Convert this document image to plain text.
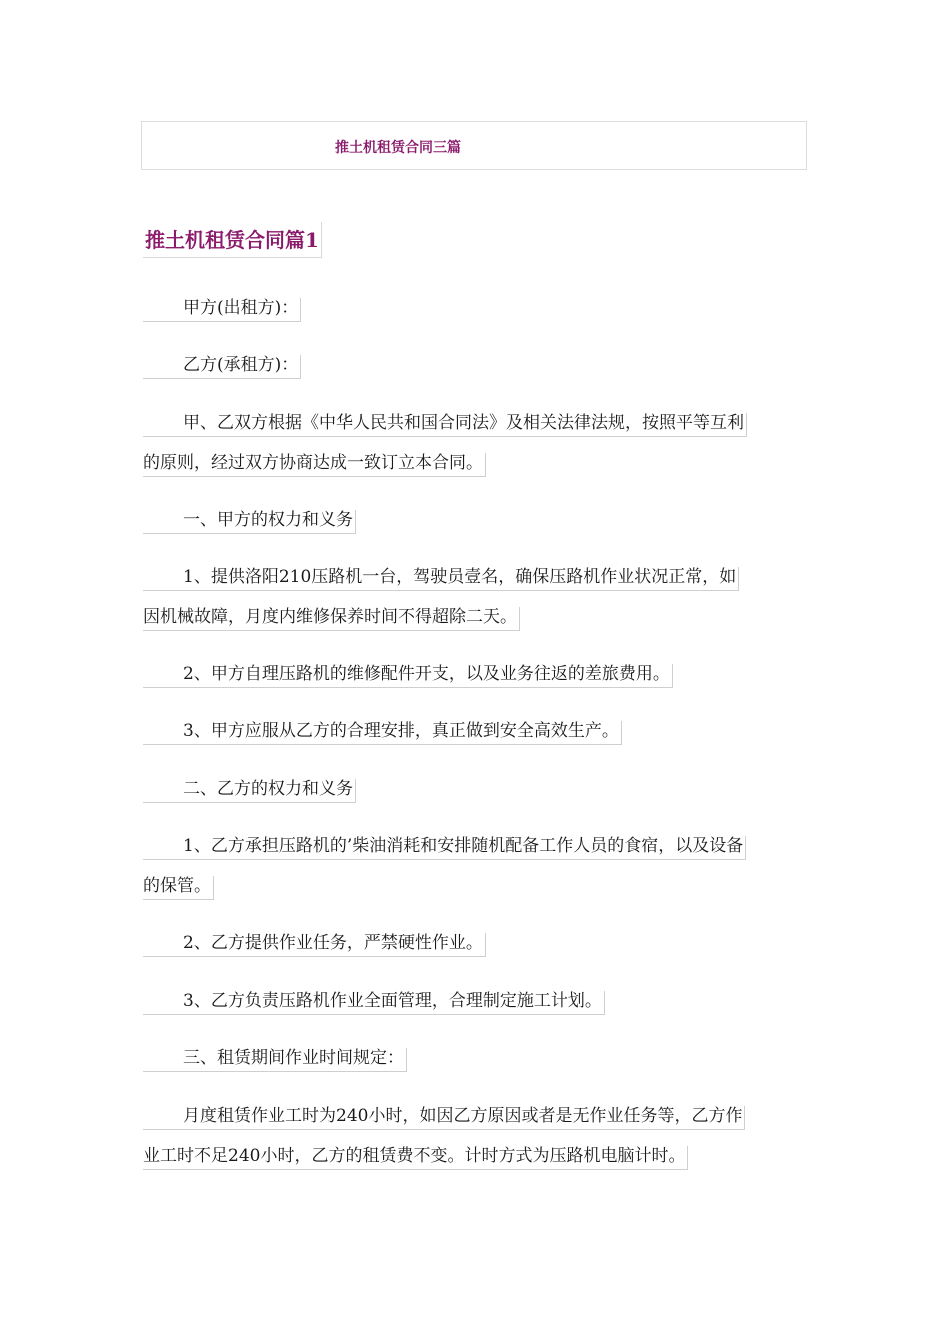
推土机租赁合同三篇
推土机租赁合同篇1
甲方(出租方)：
乙方(承租方)：
甲、乙双方根据《中华人民共和国合同法》及相关法律法规，按照平等互利
的原则，经过双方协商达成一致订立本合同。
一、甲方的权力和义务
1、提供洛阳210压路机一台，驾驶员壹名，确保压路机作业状况正常，如
因机械故障，月度内维修保养时间不得超除二天。
2、甲方自理压路机的维修配件开支，以及业务往返的差旅费用。
3、甲方应服从乙方的合理安排，真正做到安全高效生产。
二、乙方的权力和义务
1、乙方承担压路机的’柴油消耗和安排随机配备工作人员的食宿，以及设备
的保管。
2、乙方提供作业任务，严禁硬性作业。
3、乙方负责压路机作业全面管理，合理制定施工计划。
三、租赁期间作业时间规定：
月度租赁作业工时为240小时，如因乙方原因或者是无作业任务等，乙方作
业工时不足240小时，乙方的租赁费不变。计时方式为压路机电脑计时。
